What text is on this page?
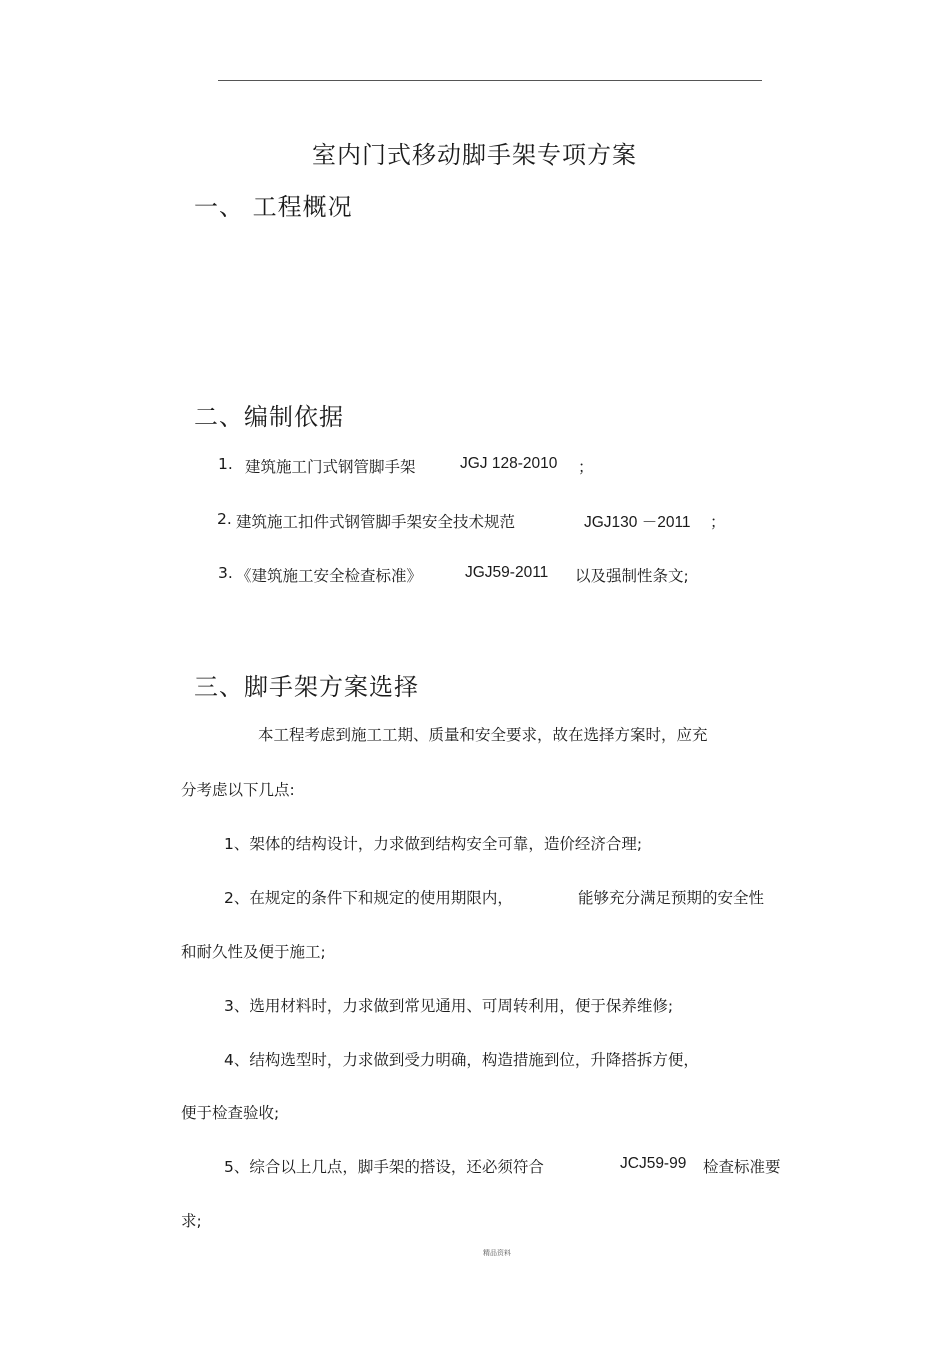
室内门式移动脚手架专项方案
一、 工程概况
二、编制依据
1. 建筑施工门式钢管脚手架	JGJ 128-2010 ；
2. 建筑施工扣件式钢管脚手架安全技术规范	JGJ130 －2011 ；
3. 《建筑施工安全检查标准》	JGJ59-2011 以及强制性条文;
三、脚手架方案选择
本工程考虑到施工工期、质量和安全要求，故在选择方案时，应充
分考虑以下几点:
1、架体的结构设计，力求做到结构安全可靠，造价经济合理;
2、在规定的条件下和规定的使用期限内，	能够充分满足预期的安全性
和耐久性及便于施工;
3、选用材料时，力求做到常见通用、可周转利用，便于保养维修;
4、结构选型时，力求做到受力明确，构造措施到位，升降搭拆方便，
便于检查验收;
5、综合以上几点，脚手架的搭设，还必须符合	JCJ59-99 检查标准要
求;
精品资料
